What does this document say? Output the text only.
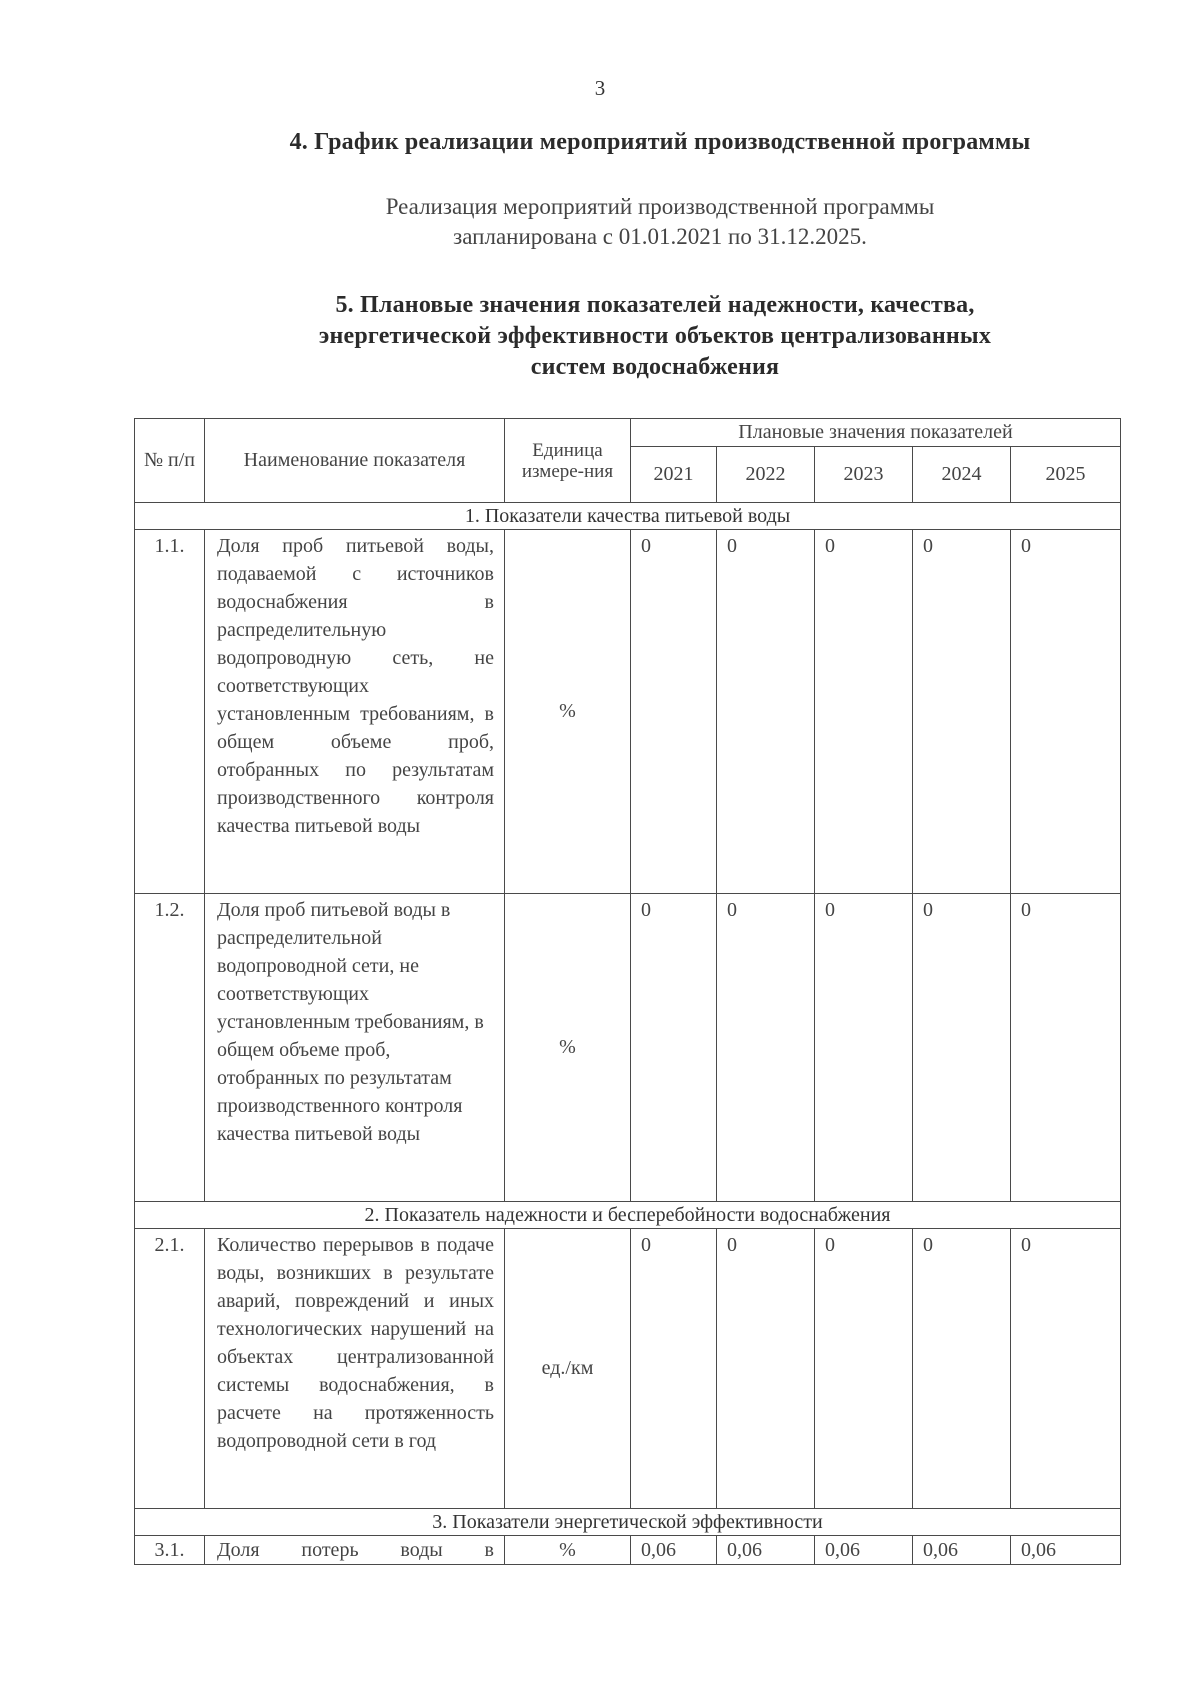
3
4. График реализации мероприятий производственной программы
Реализация мероприятий производственной программы
запланирована с 01.01.2021 по 31.12.2025.
5. Плановые значения показателей надежности, качества,
энергетической эффективности объектов централизованных
систем водоснабжения
№ п/п	Наименование показателя	Единица измере-ния	Плановые значения показателей				
			2021	2022	2023	2024	2025
1. Показатели качества питьевой воды							
1.1.	Доля проб питьевой воды, подаваемой с источников водоснабжения в распределительную водопроводную сеть, не соответствующих установленным требованиям, в общем объеме проб, отобранных по результатам производственного контроля качества питьевой воды	%	0	0	0	0	0
1.2.	Доля проб питьевой воды в распределительной водопроводной сети, не соответствующих установленным требованиям, в общем объеме проб, отобранных по результатам производственного контроля качества питьевой воды	%	0	0	0	0	0
2. Показатель надежности и бесперебойности водоснабжения							
2.1.	Количество перерывов в подаче воды, возникших в результате аварий, повреждений и иных технологических нарушений на объектах централизованной системы водоснабжения, в расчете на протяженность водопроводной сети в год	ед./км	0	0	0	0	0
3. Показатели энергетической эффективности							
3.1.	Доля потерь воды в	%	0,06	0,06	0,06	0,06	0,06
